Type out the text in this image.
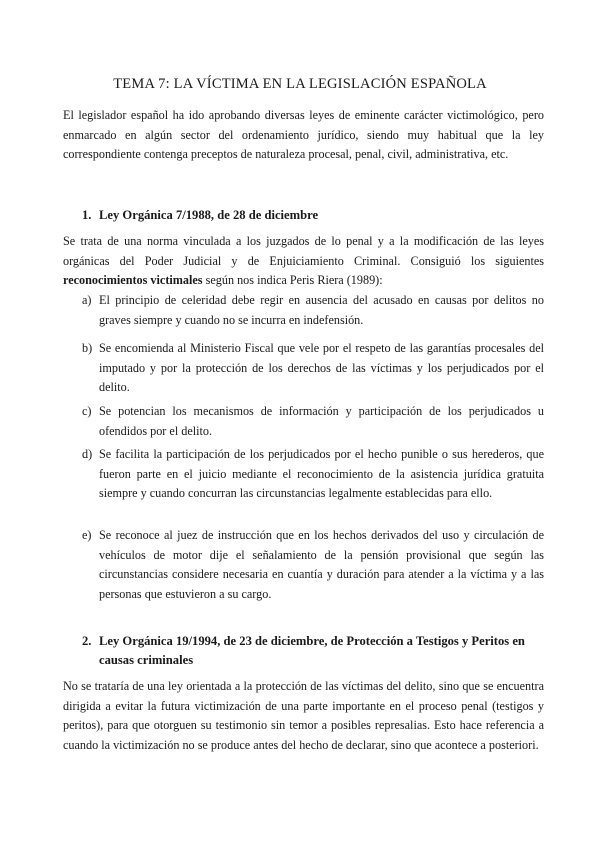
TEMA 7: LA VÍCTIMA EN LA LEGISLACIÓN ESPAÑOLA

El legislador español ha ido aprobando diversas leyes de eminente carácter victimológico, pero enmarcado en algún sector del ordenamiento jurídico, siendo muy habitual que la ley correspondiente contenga preceptos de naturaleza procesal, penal, civil, administrativa, etc.

1. Ley Orgánica 7/1988, de 28 de diciembre

Se trata de una norma vinculada a los juzgados de lo penal y a la modificación de las leyes orgánicas del Poder Judicial y de Enjuiciamiento Criminal. Consiguió los siguientes reconocimientos victimales según nos indica Peris Riera (1989):

a) El principio de celeridad debe regir en ausencia del acusado en causas por delitos no graves siempre y cuando no se incurra en indefensión.
b) Se encomienda al Ministerio Fiscal que vele por el respeto de las garantías procesales del imputado y por la protección de los derechos de las víctimas y los perjudicados por el delito.
c) Se potencian los mecanismos de información y participación de los perjudicados u ofendidos por el delito.
d) Se facilita la participación de los perjudicados por el hecho punible o sus herederos, que fueron parte en el juicio mediante el reconocimiento de la asistencia jurídica gratuita siempre y cuando concurran las circunstancias legalmente establecidas para ello.
e) Se reconoce al juez de instrucción que en los hechos derivados del uso y circulación de vehículos de motor dije el señalamiento de la pensión provisional que según las circunstancias considere necesaria en cuantía y duración para atender a la víctima y a las personas que estuvieron a su cargo.
2. Ley Orgánica 19/1994, de 23 de diciembre, de Protección a Testigos y Peritos en causas criminales

No se trataría de una ley orientada a la protección de las víctimas del delito, sino que se encuentra dirigida a evitar la futura victimización de una parte importante en el proceso penal (testigos y peritos), para que otorguen su testimonio sin temor a posibles represalias. Esto hace referencia a cuando la victimización no se produce antes del hecho de declarar, sino que acontece a posteriori.
